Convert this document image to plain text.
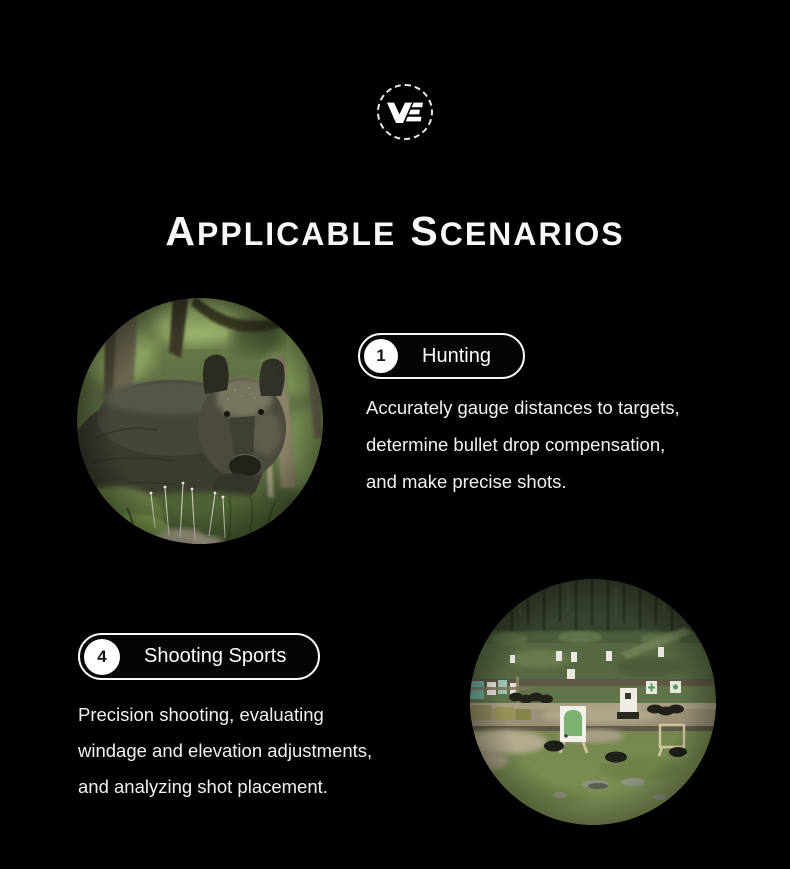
APPLICABLE SCENARIOS
1	Hunting
Accurately gauge distances to targets,
determine bullet drop compensation,
and make precise shots.
4	Shooting Sports
Precision shooting, evaluating
windage and elevation adjustments,
and analyzing shot placement.
